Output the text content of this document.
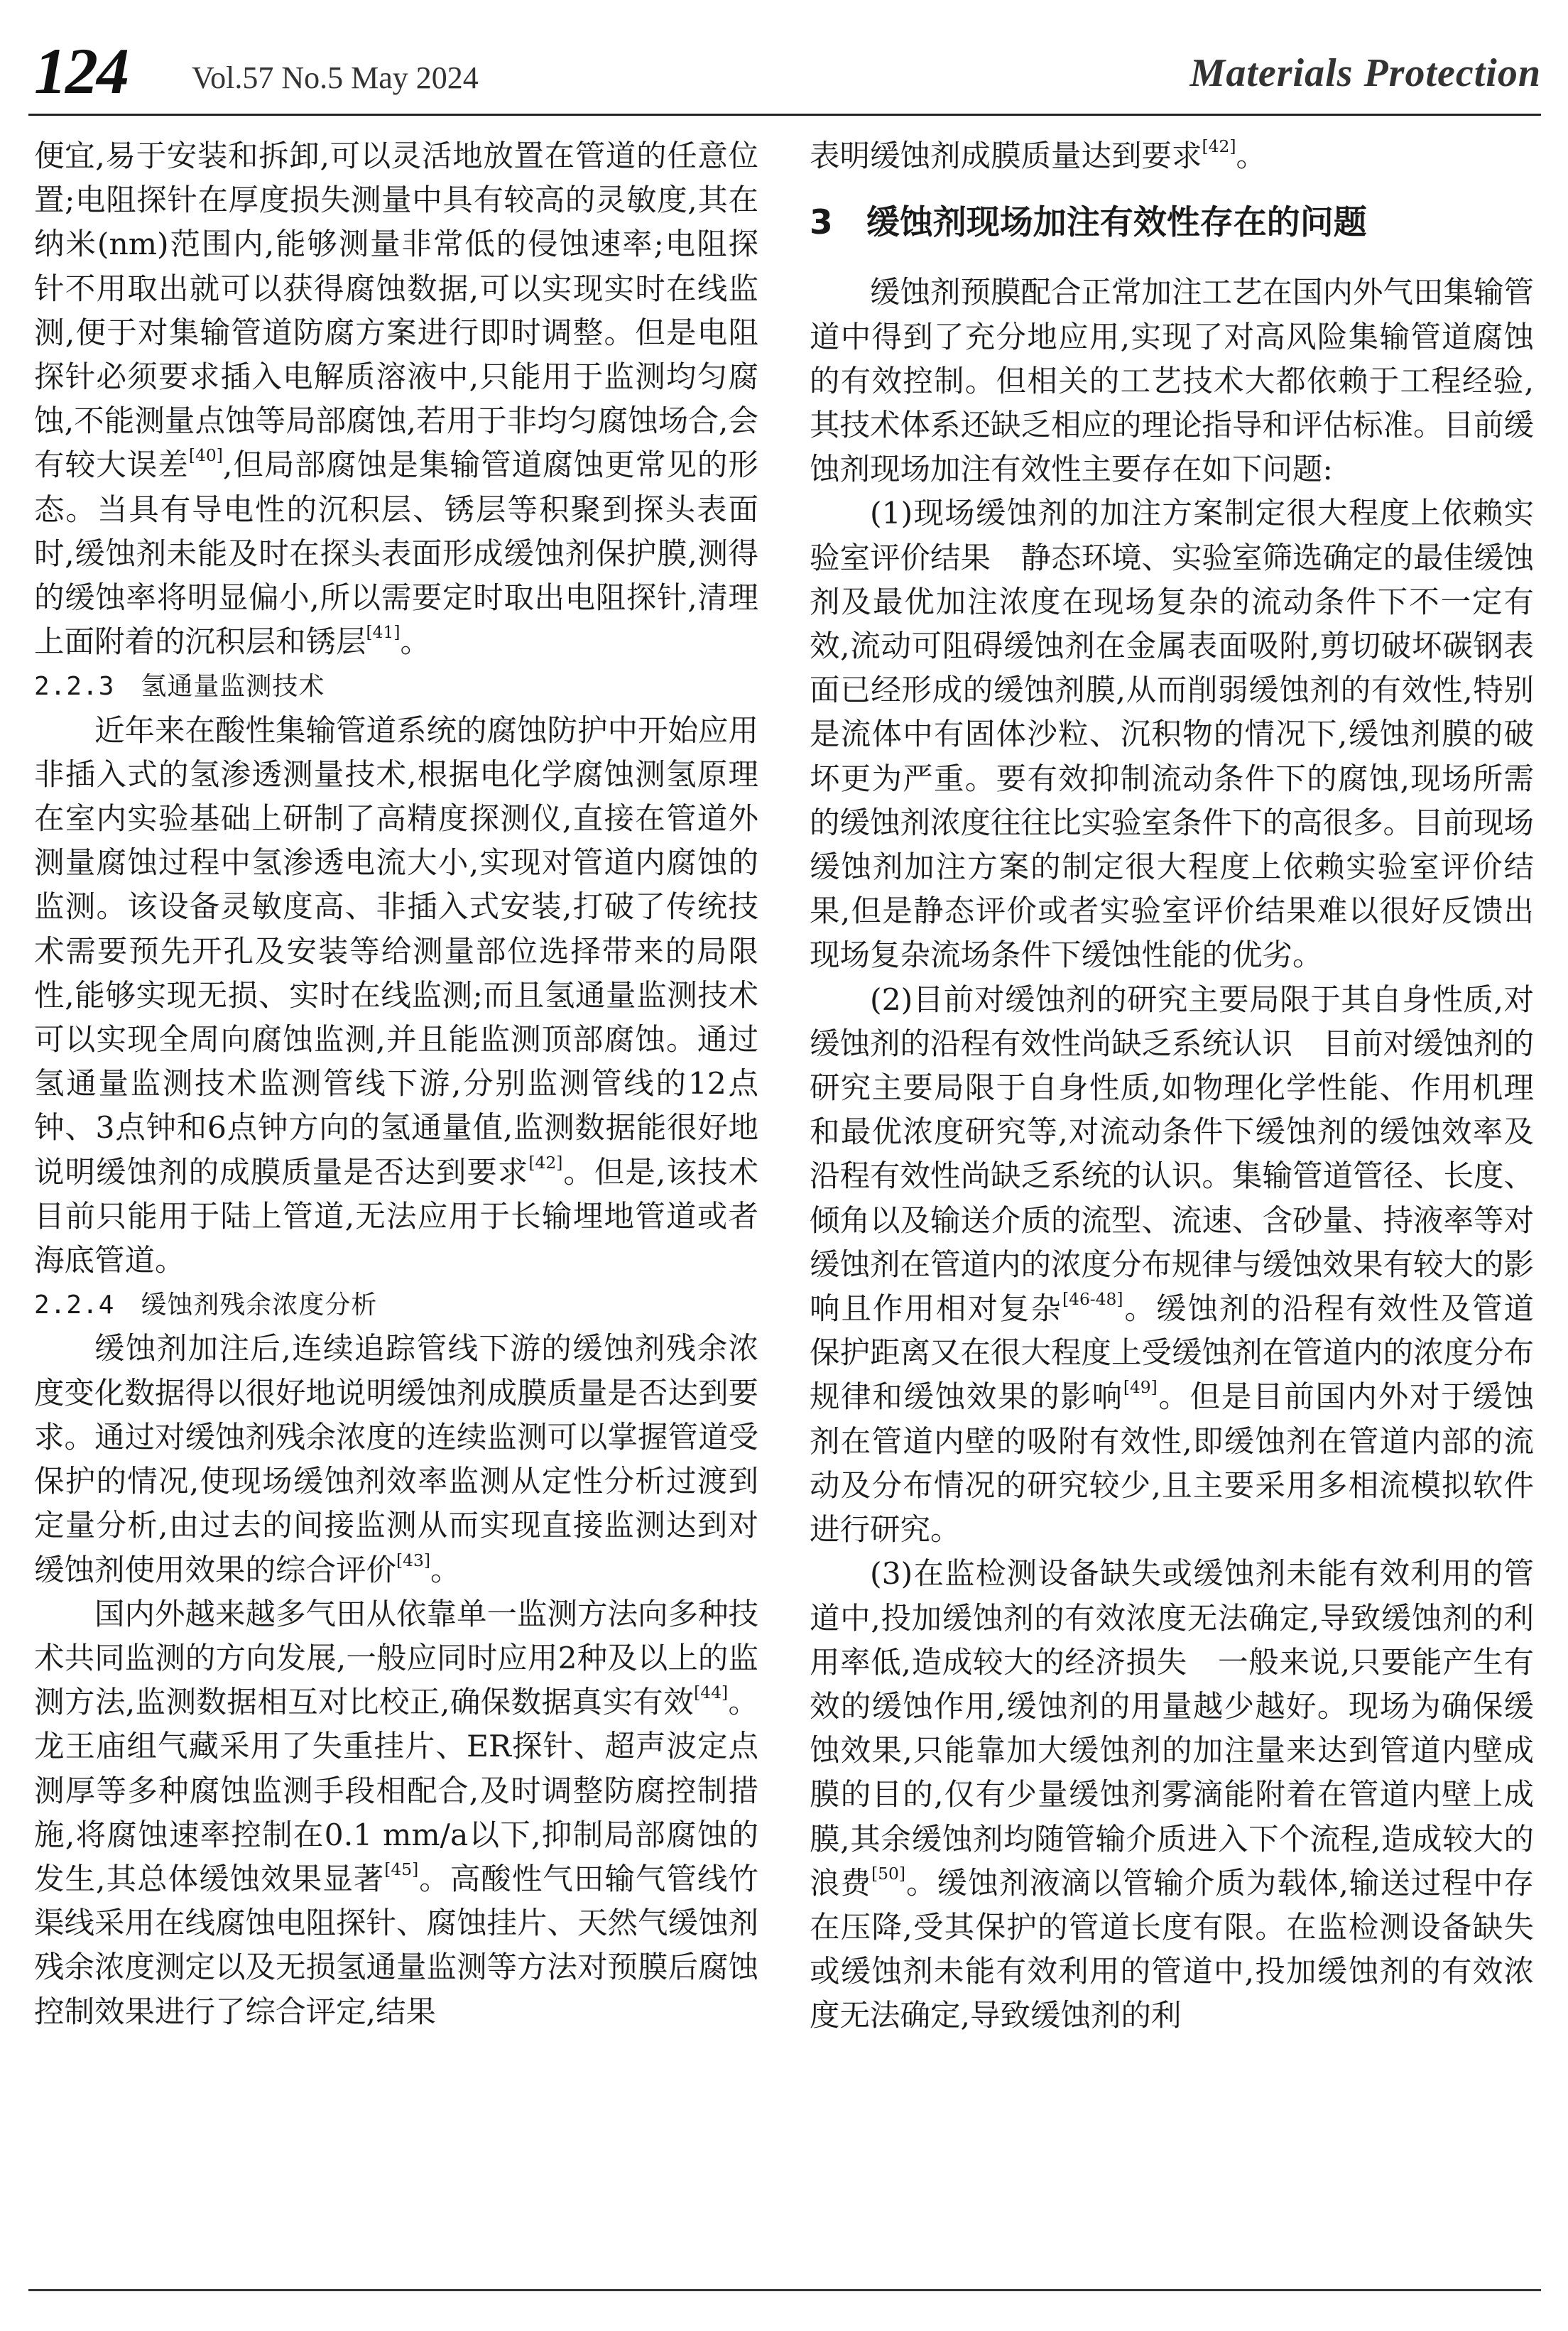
124 Vol.57 No.5 May 2024	Materials Protection

便宜,易于安装和拆卸,可以灵活地放置在管道的任意位置;电阻探针在厚度损失测量中具有较高的灵敏度,其在纳米(nm)范围内,能够测量非常低的侵蚀速率;电阻探针不用取出就可以获得腐蚀数据,可以实现实时在线监测,便于对集输管道防腐方案进行即时调整。但是电阻探针必须要求插入电解质溶液中,只能用于监测均匀腐蚀,不能测量点蚀等局部腐蚀,若用于非均匀腐蚀场合,会有较大误差[40],但局部腐蚀是集输管道腐蚀更常见的形态。当具有导电性的沉积层、锈层等积聚到探头表面时,缓蚀剂未能及时在探头表面形成缓蚀剂保护膜,测得的缓蚀率将明显偏小,所以需要定时取出电阻探针,清理上面附着的沉积层和锈层[41]。

2.2.3　氢通量监测技术

近年来在酸性集输管道系统的腐蚀防护中开始应用非插入式的氢渗透测量技术,根据电化学腐蚀测氢原理在室内实验基础上研制了高精度探测仪,直接在管道外测量腐蚀过程中氢渗透电流大小,实现对管道内腐蚀的监测。该设备灵敏度高、非插入式安装,打破了传统技术需要预先开孔及安装等给测量部位选择带来的局限性,能够实现无损、实时在线监测;而且氢通量监测技术可以实现全周向腐蚀监测,并且能监测顶部腐蚀。通过氢通量监测技术监测管线下游,分别监测管线的12点钟、3点钟和6点钟方向的氢通量值,监测数据能很好地说明缓蚀剂的成膜质量是否达到要求[42]。但是,该技术目前只能用于陆上管道,无法应用于长输埋地管道或者海底管道。

2.2.4　缓蚀剂残余浓度分析

缓蚀剂加注后,连续追踪管线下游的缓蚀剂残余浓度变化数据得以很好地说明缓蚀剂成膜质量是否达到要求。通过对缓蚀剂残余浓度的连续监测可以掌握管道受保护的情况,使现场缓蚀剂效率监测从定性分析过渡到定量分析,由过去的间接监测从而实现直接监测达到对缓蚀剂使用效果的综合评价[43]。

国内外越来越多气田从依靠单一监测方法向多种技术共同监测的方向发展,一般应同时应用2种及以上的监测方法,监测数据相互对比校正,确保数据真实有效[44]。龙王庙组气藏采用了失重挂片、ER探针、超声波定点测厚等多种腐蚀监测手段相配合,及时调整防腐控制措施,将腐蚀速率控制在0.1 mm/a以下,抑制局部腐蚀的发生,其总体缓蚀效果显著[45]。高酸性气田输气管线竹渠线采用在线腐蚀电阻探针、腐蚀挂片、天然气缓蚀剂残余浓度测定以及无损氢通量监测等方法对预膜后腐蚀控制效果进行了综合评定,结果

表明缓蚀剂成膜质量达到要求[42]。

3　缓蚀剂现场加注有效性存在的问题

缓蚀剂预膜配合正常加注工艺在国内外气田集输管道中得到了充分地应用,实现了对高风险集输管道腐蚀的有效控制。但相关的工艺技术大都依赖于工程经验,其技术体系还缺乏相应的理论指导和评估标准。目前缓蚀剂现场加注有效性主要存在如下问题:

(1)现场缓蚀剂的加注方案制定很大程度上依赖实验室评价结果　静态环境、实验室筛选确定的最佳缓蚀剂及最优加注浓度在现场复杂的流动条件下不一定有效,流动可阻碍缓蚀剂在金属表面吸附,剪切破坏碳钢表面已经形成的缓蚀剂膜,从而削弱缓蚀剂的有效性,特别是流体中有固体沙粒、沉积物的情况下,缓蚀剂膜的破坏更为严重。要有效抑制流动条件下的腐蚀,现场所需的缓蚀剂浓度往往比实验室条件下的高很多。目前现场缓蚀剂加注方案的制定很大程度上依赖实验室评价结果,但是静态评价或者实验室评价结果难以很好反馈出现场复杂流场条件下缓蚀性能的优劣。

(2)目前对缓蚀剂的研究主要局限于其自身性质,对缓蚀剂的沿程有效性尚缺乏系统认识　目前对缓蚀剂的研究主要局限于自身性质,如物理化学性能、作用机理和最优浓度研究等,对流动条件下缓蚀剂的缓蚀效率及沿程有效性尚缺乏系统的认识。集输管道管径、长度、倾角以及输送介质的流型、流速、含砂量、持液率等对缓蚀剂在管道内的浓度分布规律与缓蚀效果有较大的影响且作用相对复杂[46-48]。缓蚀剂的沿程有效性及管道保护距离又在很大程度上受缓蚀剂在管道内的浓度分布规律和缓蚀效果的影响[49]。但是目前国内外对于缓蚀剂在管道内壁的吸附有效性,即缓蚀剂在管道内部的流动及分布情况的研究较少,且主要采用多相流模拟软件进行研究。

(3)在监检测设备缺失或缓蚀剂未能有效利用的管道中,投加缓蚀剂的有效浓度无法确定,导致缓蚀剂的利用率低,造成较大的经济损失　一般来说,只要能产生有效的缓蚀作用,缓蚀剂的用量越少越好。现场为确保缓蚀效果,只能靠加大缓蚀剂的加注量来达到管道内壁成膜的目的,仅有少量缓蚀剂雾滴能附着在管道内壁上成膜,其余缓蚀剂均随管输介质进入下个流程,造成较大的浪费[50]。缓蚀剂液滴以管输介质为载体,输送过程中存在压降,受其保护的管道长度有限。在监检测设备缺失或缓蚀剂未能有效利用的管道中,投加缓蚀剂的有效浓度无法确定,导致缓蚀剂的利
